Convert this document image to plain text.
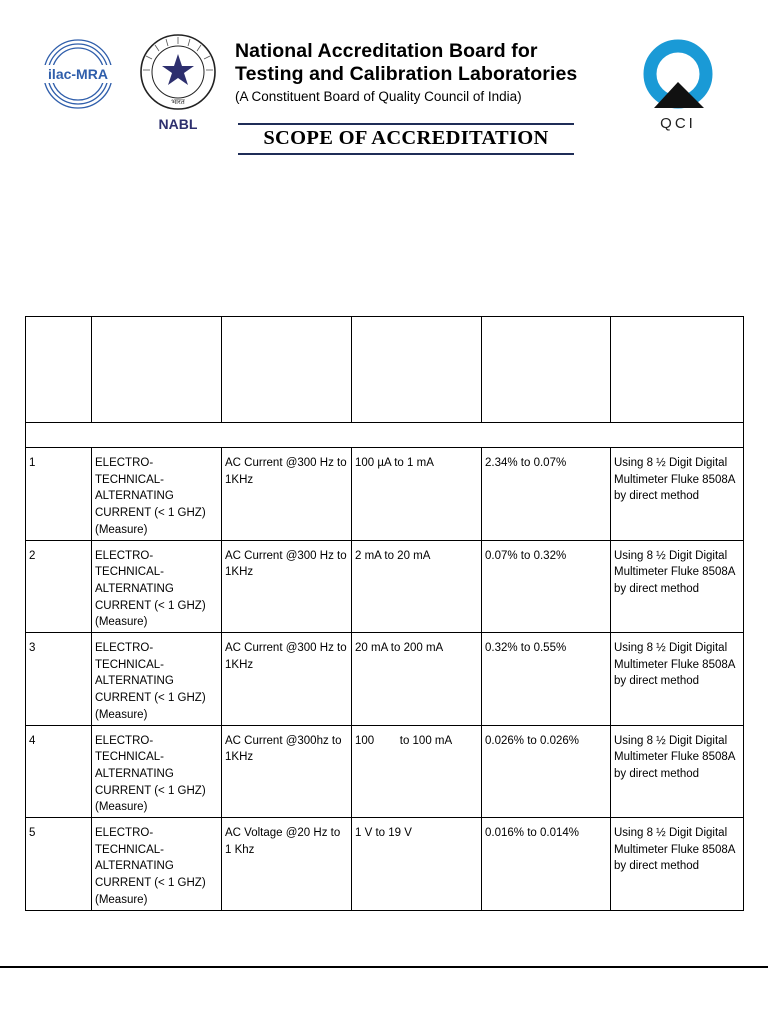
ilac-MRA
भारत
NABL
National Accreditation Board for
Testing and Calibration Laboratories
(A Constituent Board of Quality Council of India)
SCOPE OF ACCREDITATION
QCI

1	ELECTRO-
TECHNICAL-
ALTERNATING
CURRENT (< 1 GHZ)
(Measure)	AC Current @300 Hz to 1KHz	100 µA to 1 mA	2.34% to 0.07%	Using 8 ½ Digit Digital Multimeter Fluke 8508A by direct method
2	ELECTRO-
TECHNICAL-
ALTERNATING
CURRENT (< 1 GHZ)
(Measure)	AC Current @300 Hz to 1KHz	2 mA to 20 mA	0.07% to 0.32%	Using 8 ½ Digit Digital Multimeter Fluke 8508A by direct method
3	ELECTRO-
TECHNICAL-
ALTERNATING
CURRENT (< 1 GHZ)
(Measure)	AC Current @300 Hz to 1KHz	20 mA to 200 mA	0.32% to 0.55%	Using 8 ½ Digit Digital Multimeter Fluke 8508A by direct method
4	ELECTRO-
TECHNICAL-
ALTERNATING
CURRENT (< 1 GHZ)
(Measure)	AC Current @300hz to 1KHz	100        to 100 mA	0.026% to 0.026%	Using 8 ½ Digit Digital Multimeter Fluke 8508A by direct method
5	ELECTRO-
TECHNICAL-
ALTERNATING
CURRENT (< 1 GHZ)
(Measure)	AC Voltage @20 Hz to 1 Khz	1 V to 19 V	0.016% to 0.014%	Using 8 ½ Digit Digital Multimeter Fluke 8508A by direct method
